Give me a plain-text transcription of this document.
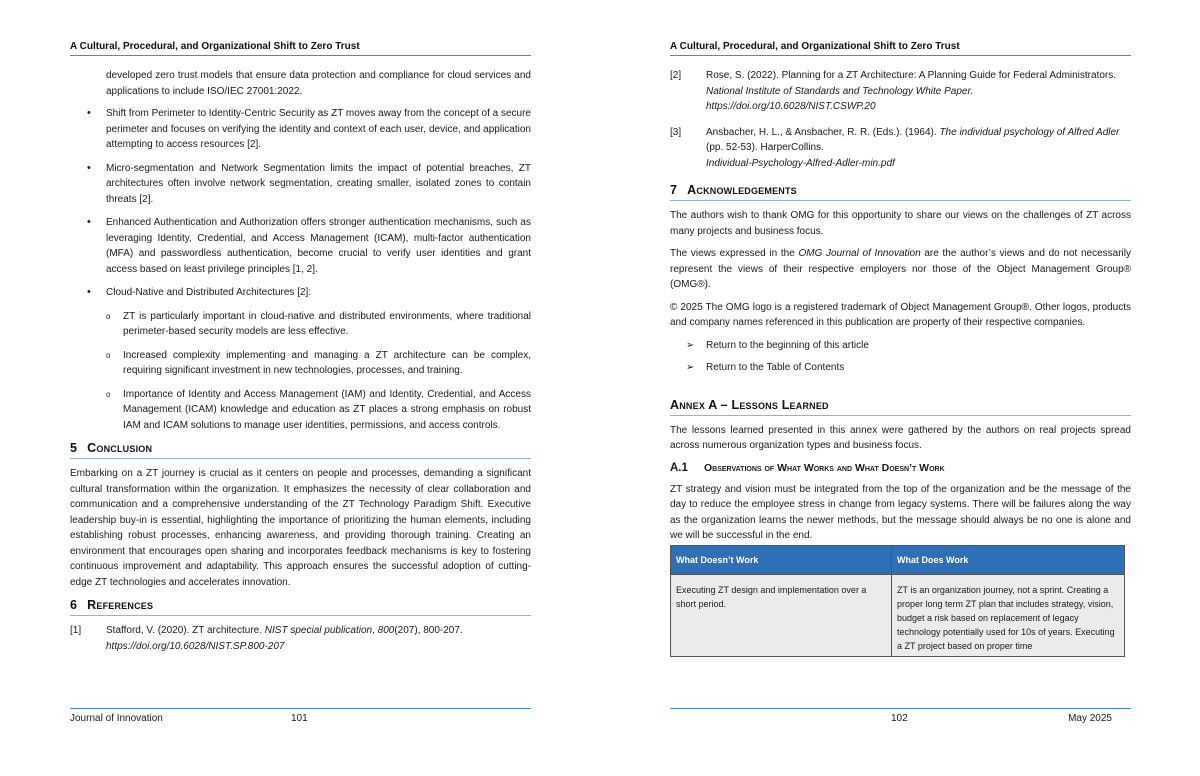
A Cultural, Procedural, and Organizational Shift to Zero Trust

developed zero trust models that ensure data protection and compliance for cloud services and applications to include ISO/IEC 27001:2022.

• Shift from Perimeter to Identity-Centric Security as ZT moves away from the concept of a secure perimeter and focuses on verifying the identity and context of each user, device, and application attempting to access resources [2].
• Micro-segmentation and Network Segmentation limits the impact of potential breaches, ZT architectures often involve network segmentation, creating smaller, isolated zones to contain threats [2].
• Enhanced Authentication and Authorization offers stronger authentication mechanisms, such as leveraging Identity, Credential, and Access Management (ICAM), multi-factor authentication (MFA) and passwordless authentication, become crucial to verify user identities and grant access based on least privilege principles [1, 2].
• Cloud-Native and Distributed Architectures [2]:
o ZT is particularly important in cloud-native and distributed environments, where traditional perimeter-based security models are less effective.
o Increased complexity implementing and managing a ZT architecture can be complex, requiring significant investment in new technologies, processes, and training.
o Importance of Identity and Access Management (IAM) and Identity, Credential, and Access Management (ICAM) knowledge and education as ZT places a strong emphasis on robust IAM and ICAM solutions to manage user identities, permissions, and access controls.
5 Conclusion

Embarking on a ZT journey is crucial as it centers on people and processes, demanding a significant cultural transformation within the organization. It emphasizes the necessity of clear collaboration and communication and a comprehensive understanding of the ZT Technology Paradigm Shift. Executive leadership buy-in is essential, highlighting the importance of prioritizing the human elements, including establishing robust processes, enhancing awareness, and providing thorough training. Creating an environment that encourages open sharing and incorporates feedback mechanisms is key to fostering continuous improvement and adaptability. This approach ensures the successful adoption of cutting-edge ZT technologies and accelerates innovation.

6 References
[1] Stafford, V. (2020). ZT architecture. NIST special publication, 800(207), 800-207.
https://doi.org/10.6028/NIST.SP.800-207
Journal of Innovation	101
A Cultural, Procedural, and Organizational Shift to Zero Trust
[2] Rose, S. (2022). Planning for a ZT Architecture: A Planning Guide for Federal Administrators. National Institute of Standards and Technology White Paper.
https://doi.org/10.6028/NIST.CSWP.20
[3] Ansbacher, H. L., & Ansbacher, R. R. (Eds.). (1964). The individual psychology of Alfred Adler (pp. 52-53). HarperCollins.
Individual-Psychology-Alfred-Adler-min.pdf
7 Acknowledgements

The authors wish to thank OMG for this opportunity to share our views on the challenges of ZT across many projects and business focus.

The views expressed in the OMG Journal of Innovation are the author’s views and do not necessarily represent the views of their respective employers nor those of the Object Management Group® (OMG®).

© 2025 The OMG logo is a registered trademark of Object Management Group®. Other logos, products and company names referenced in this publication are property of their respective companies.

➢ Return to the beginning of this article
➢ Return to the Table of Contents
Annex A – Lessons Learned

The lessons learned presented in this annex were gathered by the authors on real projects spread across numerous organization types and business focus.

A.1 Observations of What Works and What Doesn’t Work

ZT strategy and vision must be integrated from the top of the organization and be the message of the day to reduce the employee stress in change from legacy systems. There will be failures along the way as the organization learns the newer methods, but the message should always be no one is alone and we will be successful in the end.

What Doesn’t Work	What Does Work
Executing ZT design and implementation over a short period.	ZT is an organization journey, not a sprint. Creating a proper long term ZT plan that includes strategy, vision, budget a risk based on replacement of legacy technology potentially used for 10s of years. Executing a ZT project based on proper time
102	May 2025
